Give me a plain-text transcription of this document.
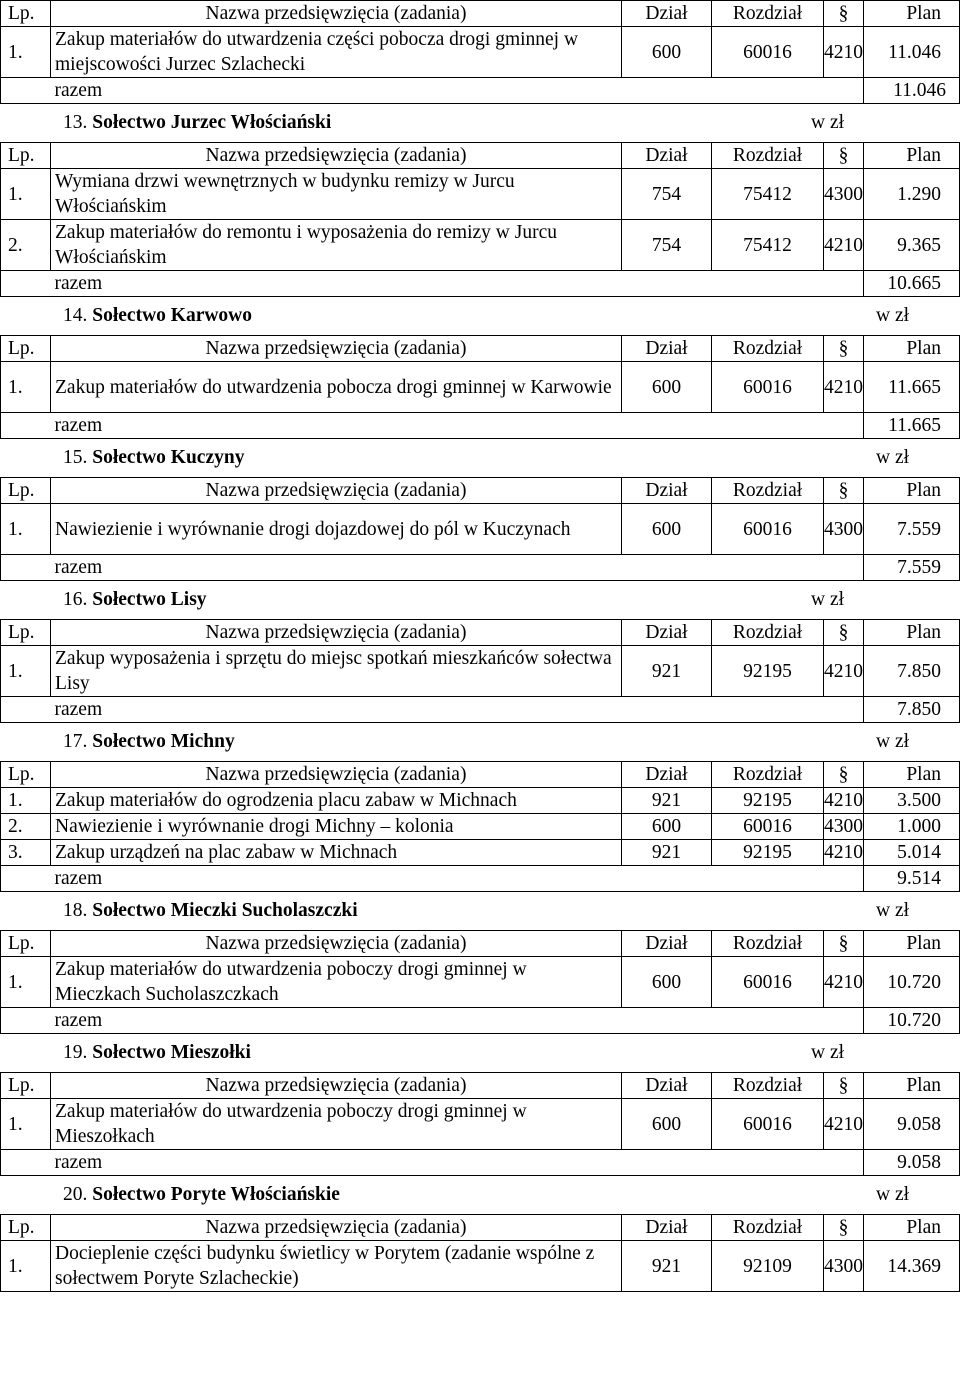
Lp.	Nazwa przedsięwzięcia (zadania)	Dział	Rozdział	§	Plan
1.	Zakup materiałów do utwardzenia części pobocza drogi gminnej w miejscowości Jurzec Szlachecki	600	60016	4210	11.046
	razem				11.046
13. Sołectwo Jurzec Włościański	w zł
Lp.	Nazwa przedsięwzięcia (zadania)	Dział	Rozdział	§	Plan
1.	Wymiana drzwi wewnętrznych w budynku remizy w Jurcu Włościańskim	754	75412	4300	1.290
2.	Zakup materiałów do remontu i wyposażenia do remizy w Jurcu Włościańskim	754	75412	4210	9.365
	razem				10.665
14. Sołectwo Karwowo	w zł
Lp.	Nazwa przedsięwzięcia (zadania)	Dział	Rozdział	§	Plan
1.	Zakup materiałów do utwardzenia pobocza drogi gminnej w Karwowie	600	60016	4210	11.665
	razem				11.665
15. Sołectwo Kuczyny	w zł
Lp.	Nazwa przedsięwzięcia (zadania)	Dział	Rozdział	§	Plan
1.	Nawiezienie i wyrównanie drogi dojazdowej do pól w Kuczynach	600	60016	4300	7.559
	razem				7.559
16. Sołectwo Lisy	w zł
Lp.	Nazwa przedsięwzięcia (zadania)	Dział	Rozdział	§	Plan
1.	Zakup wyposażenia i sprzętu do miejsc spotkań mieszkańców sołectwa Lisy	921	92195	4210	7.850
	razem				7.850
17. Sołectwo Michny	w zł
Lp.	Nazwa przedsięwzięcia (zadania)	Dział	Rozdział	§	Plan
1.	Zakup materiałów do ogrodzenia placu zabaw w Michnach	921	92195	4210	3.500
2.	Nawiezienie i wyrównanie drogi Michny – kolonia	600	60016	4300	1.000
3.	Zakup urządzeń na plac zabaw w Michnach	921	92195	4210	5.014
	razem				9.514
18. Sołectwo Mieczki Sucholaszczki	w zł
Lp.	Nazwa przedsięwzięcia (zadania)	Dział	Rozdział	§	Plan
1.	Zakup materiałów do utwardzenia poboczy drogi gminnej w Mieczkach Sucholaszczkach	600	60016	4210	10.720
	razem				10.720
19. Sołectwo Mieszołki	w zł
Lp.	Nazwa przedsięwzięcia (zadania)	Dział	Rozdział	§	Plan
1.	Zakup materiałów do utwardzenia poboczy drogi gminnej w Mieszołkach	600	60016	4210	9.058
	razem				9.058
20. Sołectwo Poryte Włościańskie	w zł
Lp.	Nazwa przedsięwzięcia (zadania)	Dział	Rozdział	§	Plan
1.	Docieplenie części budynku świetlicy w Porytem (zadanie wspólne z sołectwem Poryte Szlacheckie)	921	92109	4300	14.369
